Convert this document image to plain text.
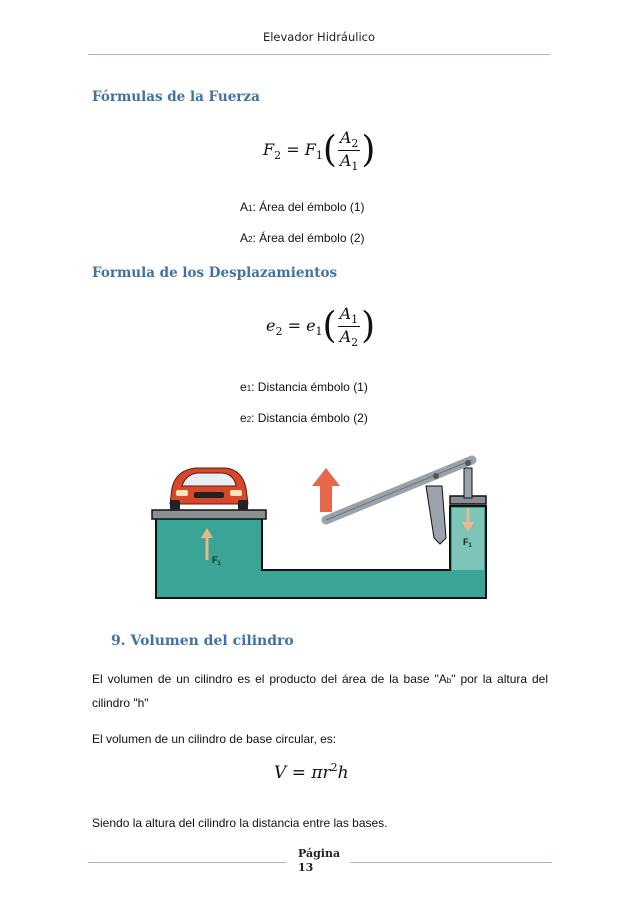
Elevador Hidráulico
Fórmulas de la Fuerza
$F_2 = F_1( \frac{A_2}{A_1}$ )
A1: Área del émbolo (1)
A2: Área del émbolo (2)
Formula de los Desplazamientos
$e_2 = e_1( \frac{A_1}{A_2}$ )
e1: Distancia émbolo (1)
e2: Distancia émbolo (2)
$F_1$
$F_1$
9. Volumen del cilindro
El volumen de un cilindro es el producto del área de la base "Ab" por la altura del cilindro "h"
El volumen de un cilindro de base circular, es:
$V = \pi r^2h$
Siendo la altura del cilindro la distancia entre las bases.
Página
13
